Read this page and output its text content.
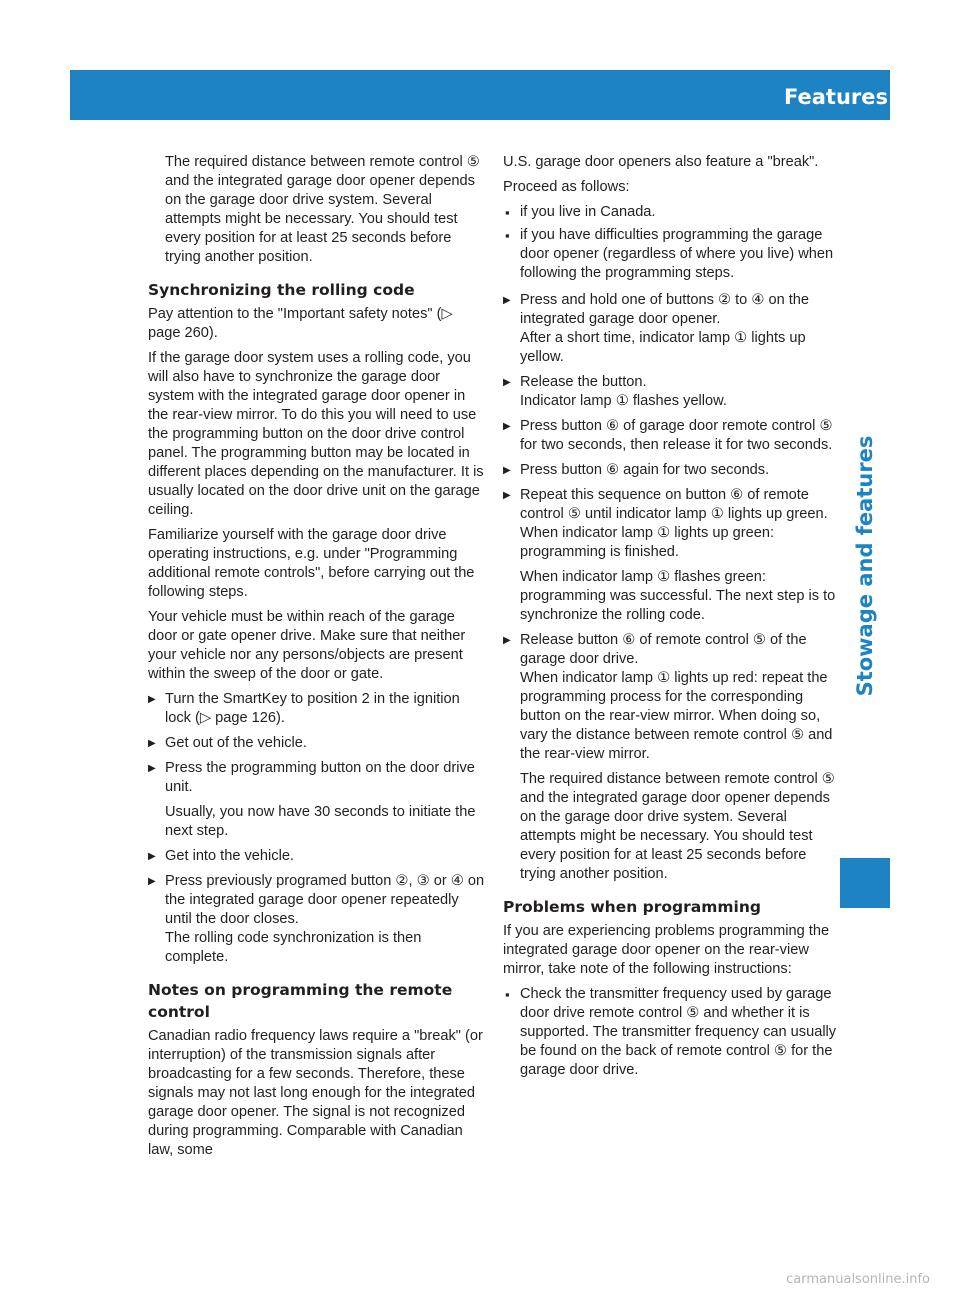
Features 261
Stowage and features

The required distance between remote control ⑤ and the integrated garage door opener depends on the garage door drive system. Several attempts might be necessary. You should test every position for at least 25 seconds before trying another position.

Synchronizing the rolling code

Pay attention to the "Important safety notes" (▷ page 260).

If the garage door system uses a rolling code, you will also have to synchronize the garage door system with the integrated garage door opener in the rear-view mirror. To do this you will need to use the programming button on the door drive control panel. The programming button may be located in different places depending on the manufacturer. It is usually located on the door drive unit on the garage ceiling.

Familiarize yourself with the garage door drive operating instructions, e.g. under "Programming additional remote controls", before carrying out the following steps.

Your vehicle must be within reach of the garage door or gate opener drive. Make sure that neither your vehicle nor any persons/objects are present within the sweep of the door or gate.

▶ Turn the SmartKey to position 2 in the ignition lock (▷ page 126).
▶ Get out of the vehicle.
▶ Press the programming button on the door drive unit.

Usually, you now have 30 seconds to initiate the next step.

▶ Get into the vehicle.
▶ Press previously programed button ②, ③ or ④ on the integrated garage door opener repeatedly until the door closes.
The rolling code synchronization is then complete.
Notes on programming the remote control

Canadian radio frequency laws require a "break" (or interruption) of the transmission signals after broadcasting for a few seconds. Therefore, these signals may not last long enough for the integrated garage door opener. The signal is not recognized during programming. Comparable with Canadian law, some

U.S. garage door openers also feature a "break".

Proceed as follows:

▪ if you live in Canada.
▪ if you have difficulties programming the garage door opener (regardless of where you live) when following the programming steps.
▶ Press and hold one of buttons ② to ④ on the integrated garage door opener.
After a short time, indicator lamp ① lights up yellow.
▶ Release the button.
Indicator lamp ① flashes yellow.
▶ Press button ⑥ of garage door remote control ⑤ for two seconds, then release it for two seconds.
▶ Press button ⑥ again for two seconds.
▶ Repeat this sequence on button ⑥ of remote control ⑤ until indicator lamp ① lights up green.
When indicator lamp ① lights up green: programming is finished.

When indicator lamp ① flashes green: programming was successful. The next step is to synchronize the rolling code.

▶ Release button ⑥ of remote control ⑤ of the garage door drive.
When indicator lamp ① lights up red: repeat the programming process for the corresponding button on the rear-view mirror. When doing so, vary the distance between remote control ⑤ and the rear-view mirror.

The required distance between remote control ⑤ and the integrated garage door opener depends on the garage door drive system. Several attempts might be necessary. You should test every position for at least 25 seconds before trying another position.

Problems when programming

If you are experiencing problems programming the integrated garage door opener on the rear-view mirror, take note of the following instructions:

▪ Check the transmitter frequency used by garage door drive remote control ⑤ and whether it is supported. The transmitter frequency can usually be found on the back of remote control ⑤ for the garage door drive.
carmanualsonline.info
